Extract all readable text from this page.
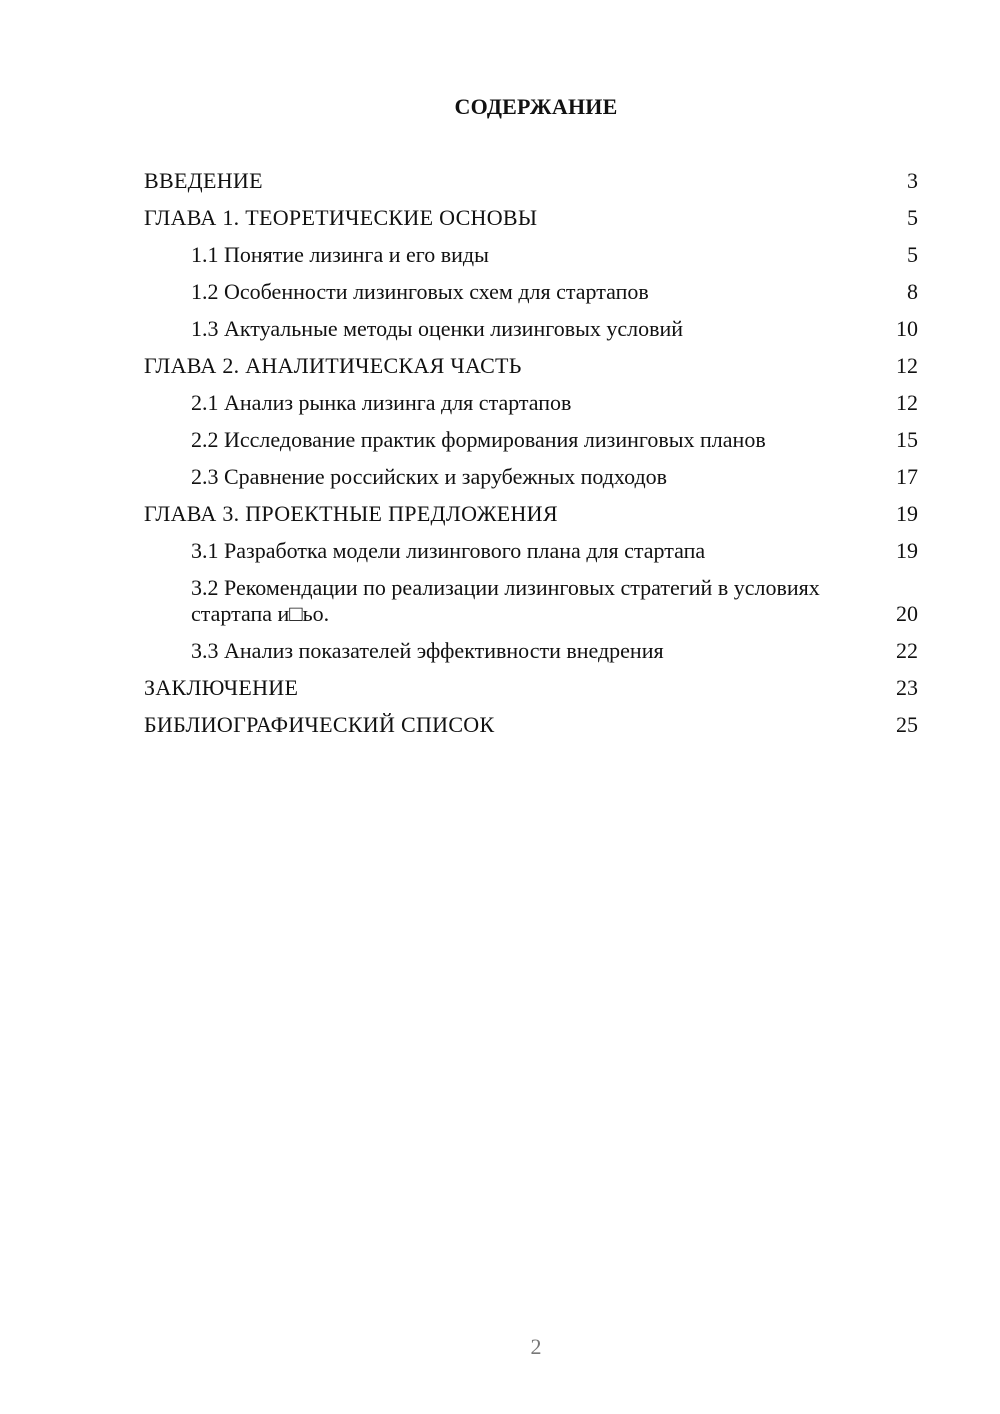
СОДЕРЖАНИЕ
ВВЕДЕНИЕ	3
ГЛАВА 1. ТЕОРЕТИЧЕСКИЕ ОСНОВЫ	5
1.1 Понятие лизинга и его виды	5
1.2 Особенности лизинговых схем для стартапов	8
1.3 Актуальные методы оценки лизинговых условий	10
ГЛАВА 2. АНАЛИТИЧЕСКАЯ ЧАСТЬ	12
2.1 Анализ рынка лизинга для стартапов	12
2.2 Исследование практик формирования лизинговых планов	15
2.3 Сравнение российских и зарубежных подходов	17
ГЛАВА 3. ПРОЕКТНЫЕ ПРЕДЛОЖЕНИЯ	19
3.1 Разработка модели лизингового плана для стартапа	19
3.2 Рекомендации по реализации лизинговых стратегий в условиях стартапа и□ьо.	20
3.3 Анализ показателей эффективности внедрения	22
ЗАКЛЮЧЕНИЕ	23
БИБЛИОГРАФИЧЕСКИЙ СПИСОК	25
2
